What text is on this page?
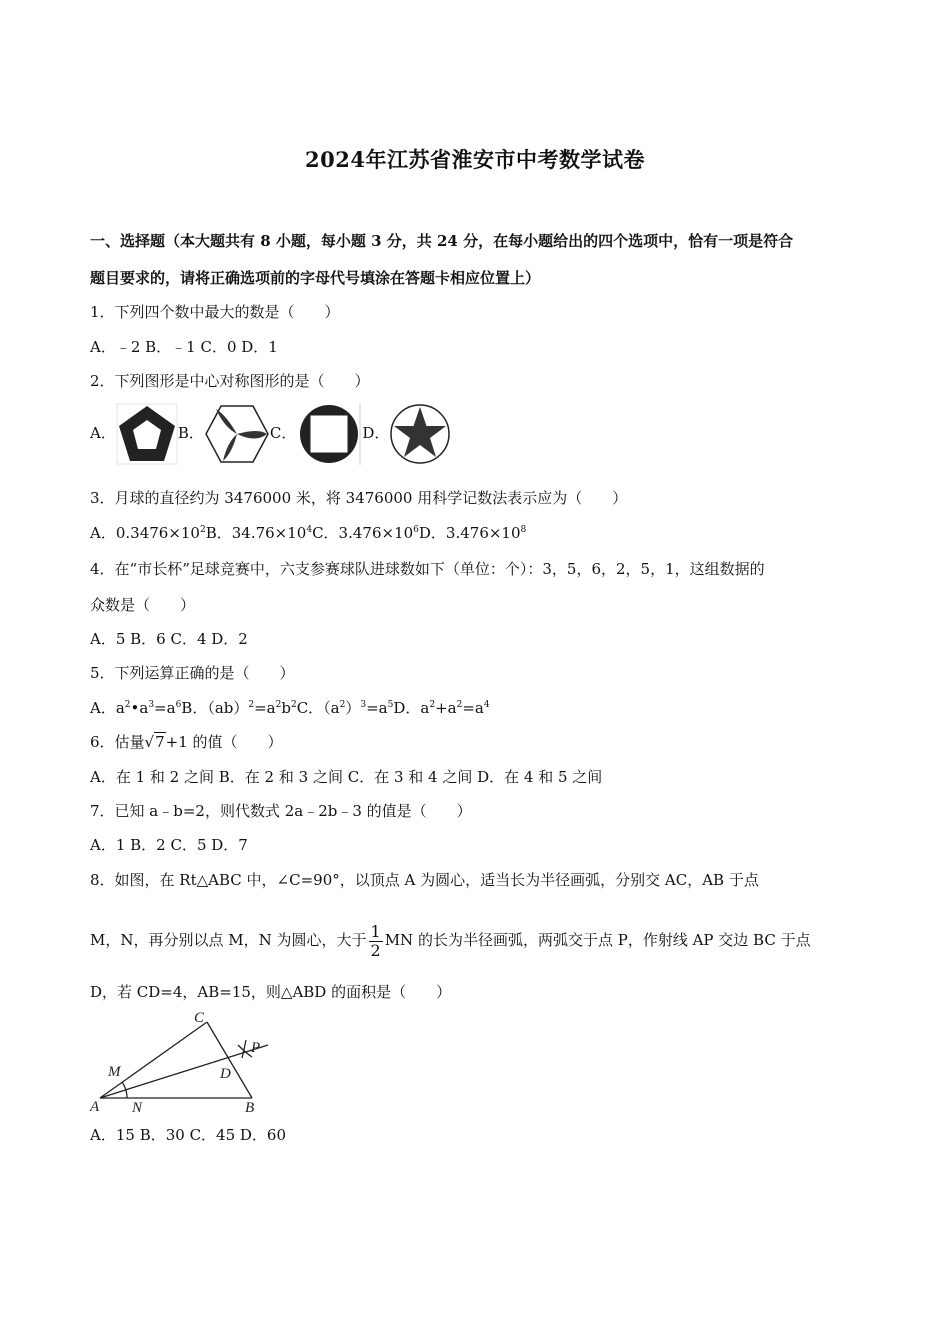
2024年江苏省淮安市中考数学试卷
一、选择题（本大题共有 8 小题，每小题 3 分，共 24 分，在每小题给出的四个选项中，恰有一项是符合
题目要求的，请将正确选项前的字母代号填涂在答题卡相应位置上）
1．下列四个数中最大的数是（　　）
A．﹣2 B．﹣1 C．0 D．1
2．下列图形是中心对称图形的是（　　）
A．	B．	C．	D．
3．月球的直径约为 3476000 米，将 3476000 用科学记数法表示应为（　　）
A．$0.3476\times 10^2B$．$34.76\times 10^4C$．$3.476\times 10^6D$．$3.476\times 10^8$
4．在“市长杯”足球竞赛中，六支参赛球队进球数如下（单位：个）：3，5，6，2，5，1，这组数据的
众数是（　　）
A．5 B．6 C．4 D．2
5．下列运算正确的是（　　）
A．$a^2•a^3=a^6B$．$(ab)^2=a^2b^2C$．$(a^2)^3=a^5D$．$a^2+a^2=a^4$
6．估量√7+1 的值（　　）
A．在 1 和 2 之间 B．在 2 和 3 之间 C．在 3 和 4 之间 D．在 4 和 5 之间
7．已知 a﹣b=2，则代数式 2a﹣2b﹣3 的值是（　　）
A．1 B．2 C．5 D．7
8．如图，在 Rt△ABC 中，∠C=90°，以顶点 A 为圆心，适当长为半径画弧，分别交 AC，AB 于点
M，N，再分别以点 M，N 为圆心，大于 $\frac{1}{2}$ MN 的长为半径画弧，两弧交于点 P，作射线 AP 交边 BC 于点
D，若 CD=4，AB=15，则△ABD 的面积是（　　）
C
P
D
M
A N	B
A．15 B．30 C．45 D．60
